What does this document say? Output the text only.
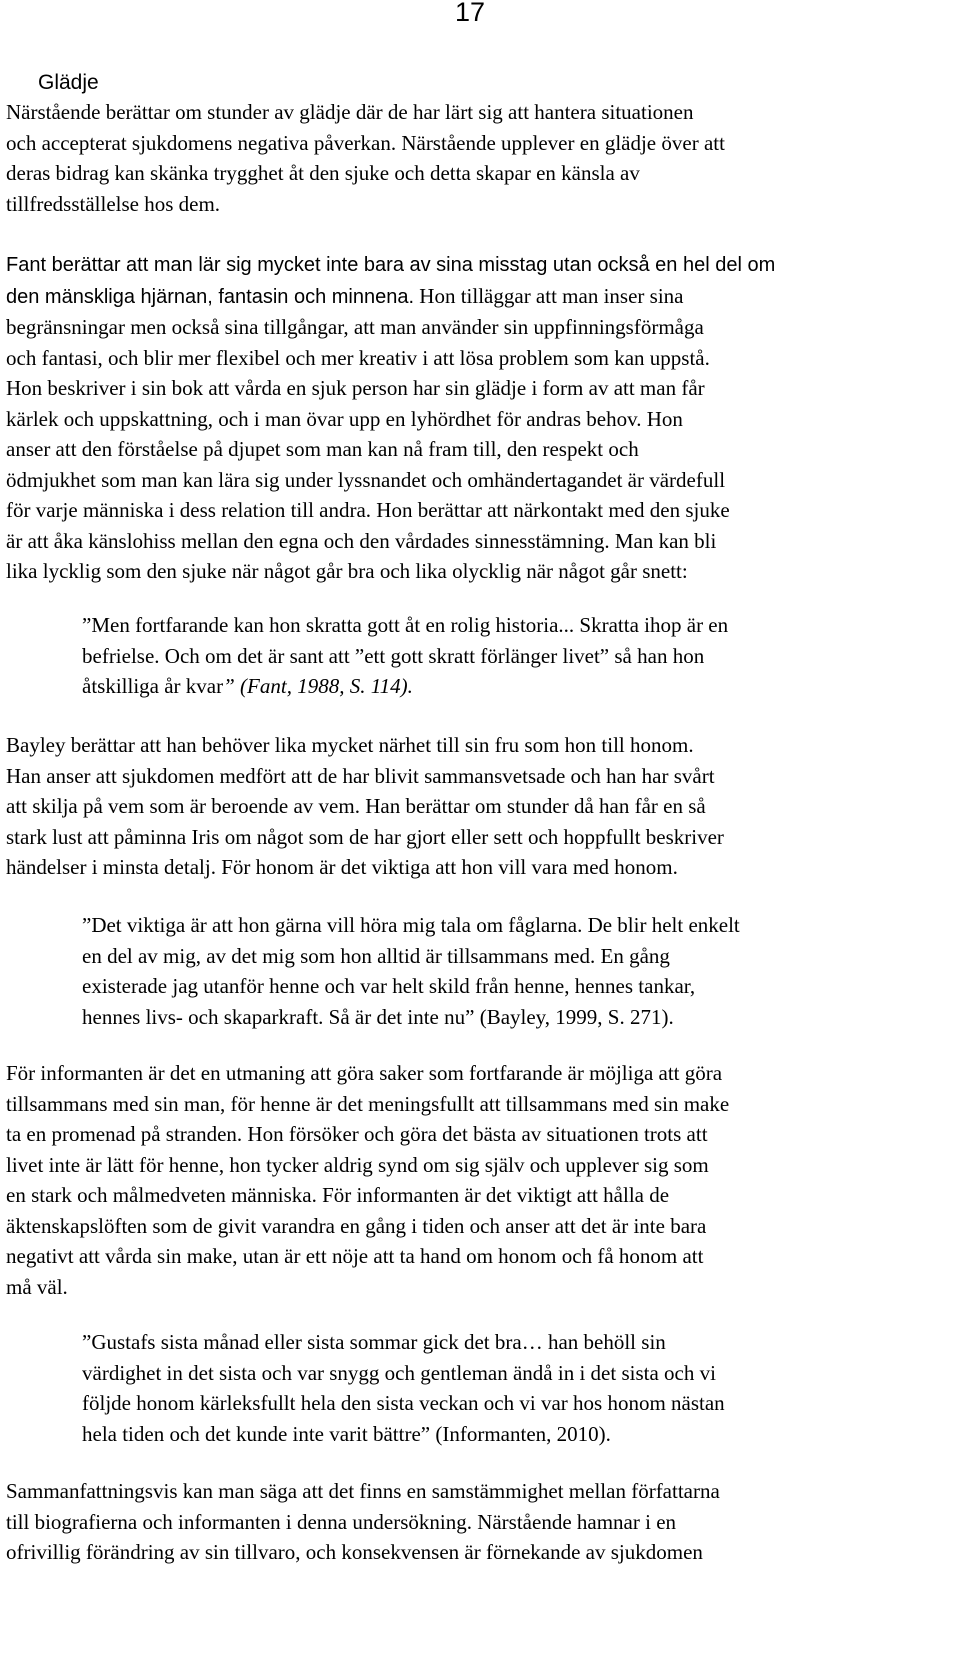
17
Glädje
Närstående berättar om stunder av glädje där de har lärt sig att hantera situationen
och accepterat sjukdomens negativa påverkan. Närstående upplever en glädje över att
deras bidrag kan skänka trygghet åt den sjuke och detta skapar en känsla av
tillfredsställelse hos dem.
Fant berättar att man lär sig mycket inte bara av sina misstag utan också en hel del om
den mänskliga hjärnan, fantasin och minnena. Hon tilläggar att man inser sina
begränsningar men också sina tillgångar, att man använder sin uppfinningsförmåga
och fantasi, och blir mer flexibel och mer kreativ i att lösa problem som kan uppstå.
Hon beskriver i sin bok att vårda en sjuk person har sin glädje i form av att man får
kärlek och uppskattning, och i man övar upp en lyhördhet för andras behov. Hon
anser att den förståelse på djupet som man kan nå fram till, den respekt och
ödmjukhet som man kan lära sig under lyssnandet och omhändertagandet är värdefull
för varje människa i dess relation till andra. Hon berättar att närkontakt med den sjuke
är att åka känslohiss mellan den egna och den vårdades sinnesstämning. Man kan bli
lika lycklig som den sjuke när något går bra och lika olycklig när något går snett:
”Men fortfarande kan hon skratta gott åt en rolig historia... Skratta ihop är en
befrielse. Och om det är sant att ”ett gott skratt förlänger livet” så han hon
åtskilliga år kvar” (Fant, 1988, S. 114).
Bayley berättar att han behöver lika mycket närhet till sin fru som hon till honom.
Han anser att sjukdomen medfört att de har blivit sammansvetsade och han har svårt
att skilja på vem som är beroende av vem. Han berättar om stunder då han får en så
stark lust att påminna Iris om något som de har gjort eller sett och hoppfullt beskriver
händelser i minsta detalj. För honom är det viktiga att hon vill vara med honom.
”Det viktiga är att hon gärna vill höra mig tala om fåglarna. De blir helt enkelt
en del av mig, av det mig som hon alltid är tillsammans med. En gång
existerade jag utanför henne och var helt skild från henne, hennes tankar,
hennes livs- och skaparkraft. Så är det inte nu” (Bayley, 1999, S. 271).
För informanten är det en utmaning att göra saker som fortfarande är möjliga att göra
tillsammans med sin man, för henne är det meningsfullt att tillsammans med sin make
ta en promenad på stranden. Hon försöker och göra det bästa av situationen trots att
livet inte är lätt för henne, hon tycker aldrig synd om sig själv och upplever sig som
en stark och målmedveten människa. För informanten är det viktigt att hålla de
äktenskapslöften som de givit varandra en gång i tiden och anser att det är inte bara
negativt att vårda sin make, utan är ett nöje att ta hand om honom och få honom att
må väl.
”Gustafs sista månad eller sista sommar gick det bra… han behöll sin
värdighet in det sista och var snygg och gentleman ändå in i det sista och vi
följde honom kärleksfullt hela den sista veckan och vi var hos honom nästan
hela tiden och det kunde inte varit bättre” (Informanten, 2010).
Sammanfattningsvis kan man säga att det finns en samstämmighet mellan författarna
till biografierna och informanten i denna undersökning. Närstående hamnar i en
ofrivillig förändring av sin tillvaro, och konsekvensen är förnekande av sjukdomen
